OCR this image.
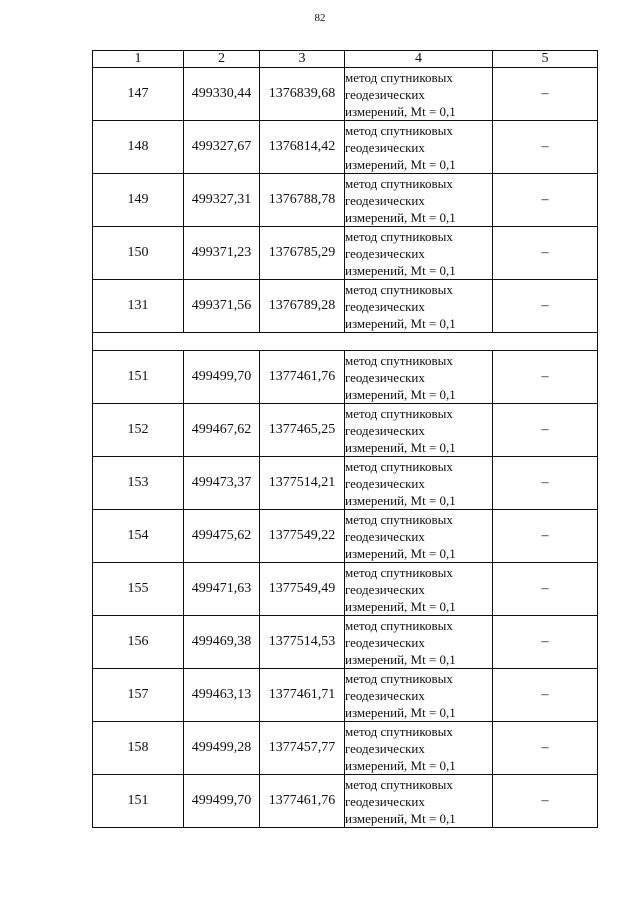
82
1	2	3	4	5
147	499330,44	1376839,68	метод спутниковых
геодезических
измерений, Mt = 0,1	–
148	499327,67	1376814,42	метод спутниковых
геодезических
измерений, Mt = 0,1	–
149	499327,31	1376788,78	метод спутниковых
геодезических
измерений, Mt = 0,1	–
150	499371,23	1376785,29	метод спутниковых
геодезических
измерений, Mt = 0,1	–
131	499371,56	1376789,28	метод спутниковых
геодезических
измерений, Mt = 0,1	–

151	499499,70	1377461,76	метод спутниковых
геодезических
измерений, Mt = 0,1	–
152	499467,62	1377465,25	метод спутниковых
геодезических
измерений, Mt = 0,1	–
153	499473,37	1377514,21	метод спутниковых
геодезических
измерений, Mt = 0,1	–
154	499475,62	1377549,22	метод спутниковых
геодезических
измерений, Mt = 0,1	–
155	499471,63	1377549,49	метод спутниковых
геодезических
измерений, Mt = 0,1	–
156	499469,38	1377514,53	метод спутниковых
геодезических
измерений, Mt = 0,1	–
157	499463,13	1377461,71	метод спутниковых
геодезических
измерений, Mt = 0,1	–
158	499499,28	1377457,77	метод спутниковых
геодезических
измерений, Mt = 0,1	–
151	499499,70	1377461,76	метод спутниковых
геодезических
измерений, Mt = 0,1	–
